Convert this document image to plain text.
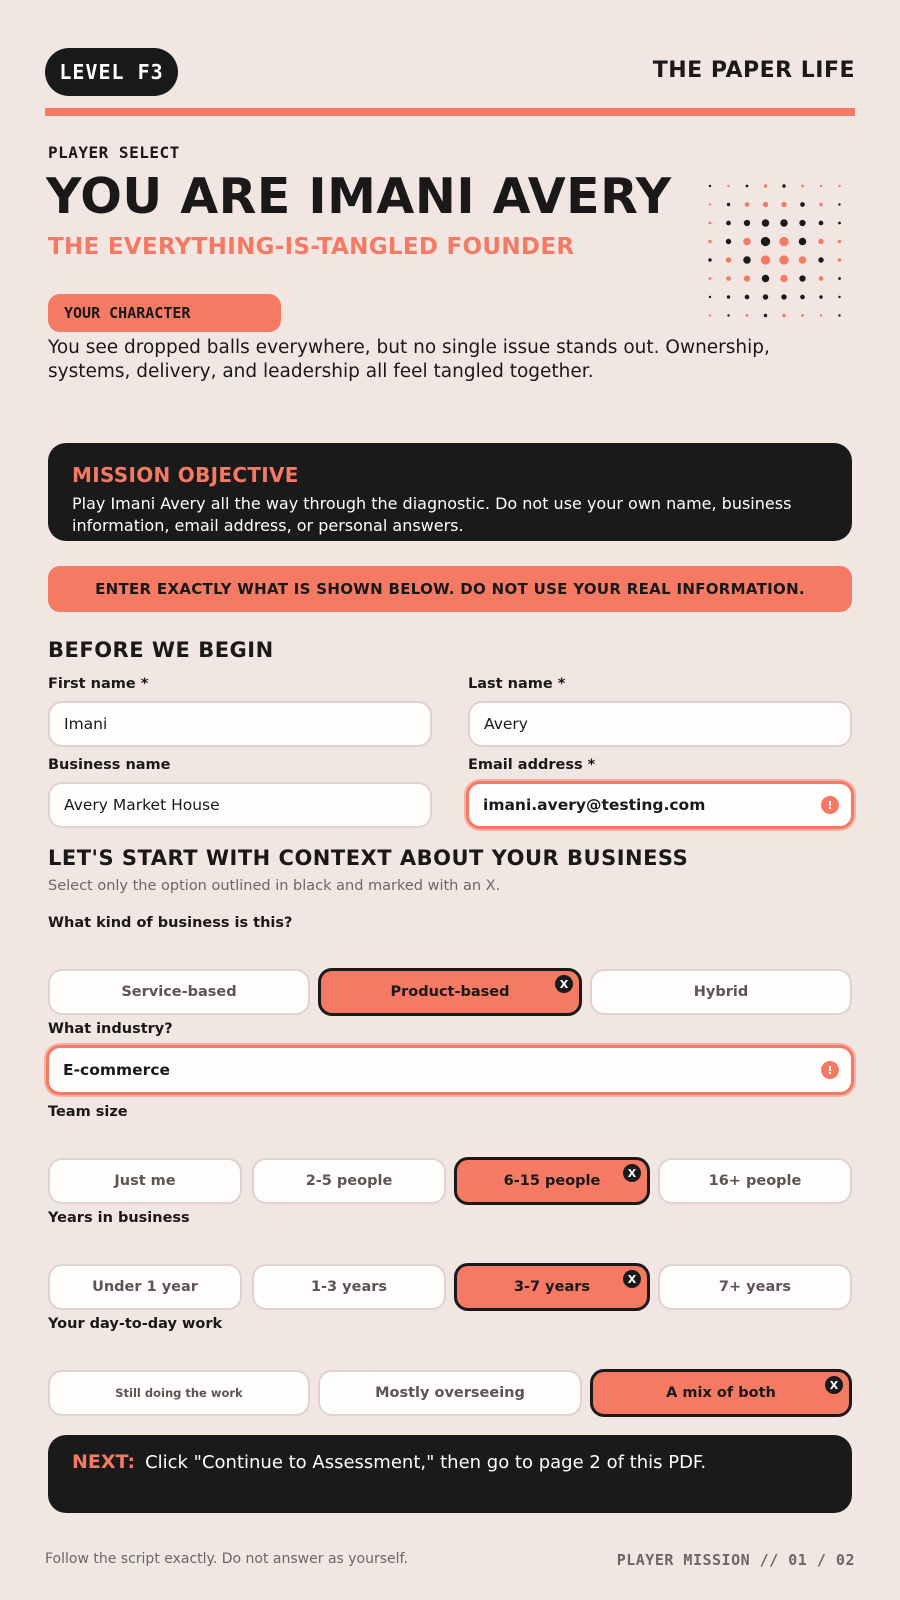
LEVEL F3	THE PAPER LIFE
PLAYER SELECT
YOU ARE IMANI AVERY
THE EVERYTHING-IS-TANGLED FOUNDER
YOUR CHARACTER
You see dropped balls everywhere, but no single issue stands out. Ownership, systems, delivery, and leadership all feel tangled together.
MISSION OBJECTIVE
Play Imani Avery all the way through the diagnostic. Do not use your own name, business information, email address, or personal answers.
ENTER EXACTLY WHAT IS SHOWN BELOW. DO NOT USE YOUR REAL INFORMATION.
BEFORE WE BEGIN
First name *	Last name *
Imani	Avery
Business name	Email address *
Avery Market House	imani.avery@testing.com	!
LET'S START WITH CONTEXT ABOUT YOUR BUSINESS
Select only the option outlined in black and marked with an X.
What kind of business is this?
Service-based	Product-based	X	Hybrid
What industry?
E-commerce	!
Team size
Just me	2-5 people	6-15 people	X	16+ people
Years in business
Under 1 year	1-3 years	3-7 years	X	7+ years
Your day-to-day work
Still doing the work	Mostly overseeing	A mix of both	X
NEXT: Click "Continue to Assessment," then go to page 2 of this PDF.
Follow the script exactly. Do not answer as yourself.	PLAYER MISSION // 01 / 02
